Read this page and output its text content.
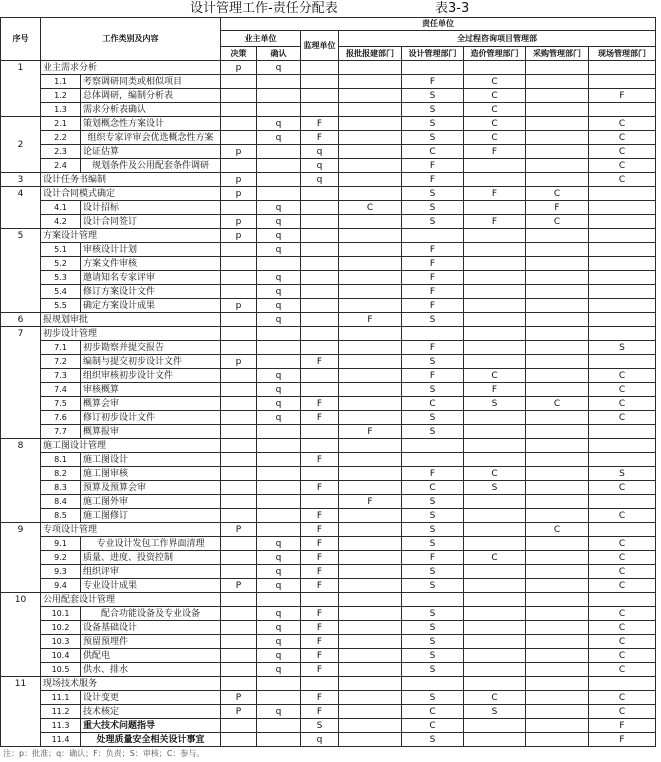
设计管理工作-责任分配表	表3-3
序号	工作类别及内容		责任单位							
			业主单位		监理单位	全过程咨询项目管理部				
			决策	确认		报批报建部门	设计管理部门	造价管理部门	采购管理部门	现场管理部门
1	业主需求分析		p	q						
	1.1	考察调研同类或相似项目					F	C		
	1.2	总体调研，编制分析表					S	C		F
	1.3	需求分析表确认					S	C		
2	2.1	策划概念性方案设计		q	F		S	C		C
	2.2	组织专家评审会优选概念性方案		q	F		S	C		C
	2.3	论证估算	p		q		C	F		C
	2.4	规划条件及公用配套条件调研			q		F			C
3	设计任务书编制		p		q		F			C
4	设计合同模式确定		p				S	F	C	
	4.1	设计招标		q		C	S		F	
	4.2	设计合同签订	p	q			S	F	C	
5	方案设计管理		p	q						
	5.1	审核设计计划		q			F			
	5.2	方案文件审核					F			
	5.3	邀请知名专家评审		q			F			
	5.4	修订方案设计文件		q			F			
	5.5	确定方案设计成果	p	q			F			
6	报规划审批			q		F	S			
7	初步设计管理									
	7.1	初步勘察并提交报告					F			S
	7.2	编制与提交初步设计文件	p		F		S			
	7.3	组织审核初步设计文件		q			F	C		C
	7.4	审核概算		q			S	F		C
	7.5	概算会审		q	F		C	S	C	C
	7.6	修订初步设计文件		q	F		S			C
	7.7	概算报审				F	S			
8	施工图设计管理									
	8.1	施工图设计			F					
	8.2	施工图审核					F	C		S
	8.3	预算及预算会审			F		C	S		C
	8.4	施工图外审				F	S			
	8.5	施工图修订			F		S			C
9	专项设计管理		P		F		S		C	
	9.1	专业设计发包工作界面清理		q	F		S			C
	9.2	质量、进度、投资控制		q	F		F	C		C
	9.3	组织评审		q	F		S			C
	9.4	专业设计成果	P	q	F		S			C
10	公用配套设计管理									
	10.1	配合功能设备及专业设备		q	F		S			C
	10.2	设备基础设计		q	F		S			C
	10.3	预留预埋件		q	F		S			C
	10.4	供配电		q	F		S			C
	10.5	供水、排水		q	F		S			C
11	现场技术服务									
	11.1	设计变更	P		F		S	C		C
	11.2	技术核定	P	q	F		C	S		C
	11.3	重大技术问题指导			S		C			F
	11.4	处理质量安全相关设计事宜			q		S			F
注：p：批准；q：确认；F：负责；S：审核；C：参与。
